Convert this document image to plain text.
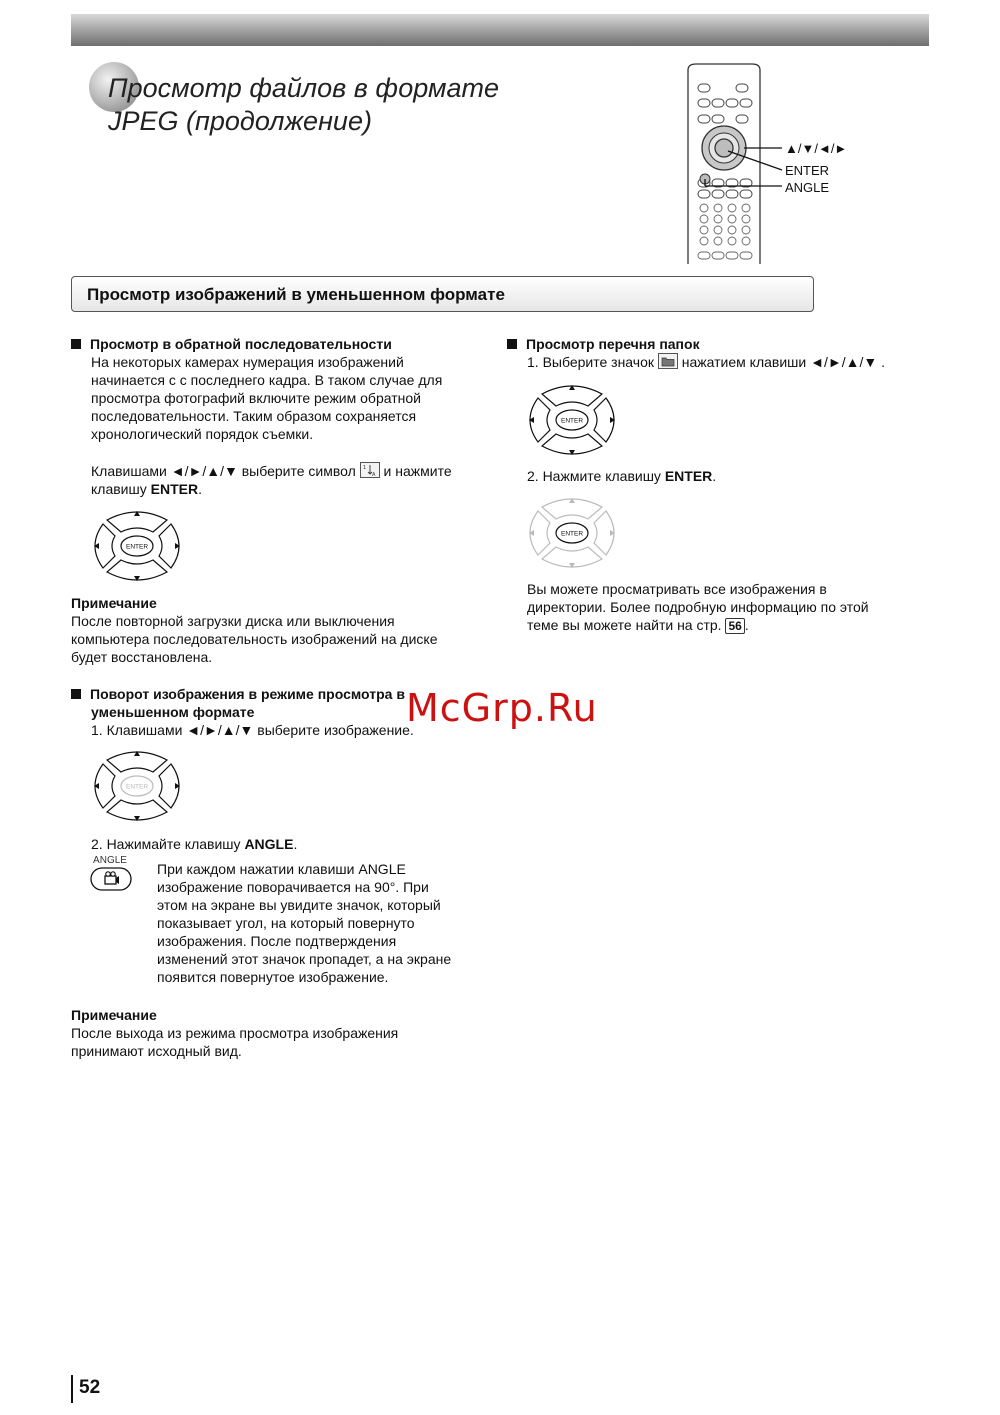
Просмотр файлов в формате
JPEG (продолжение)
▲/▼/◄/►
ENTER
ANGLE
Просмотр изображений в уменьшенном формате
Просмотр в обратной последовательности
На некоторых камерах нумерация изображений
начинается с с последнего кадра. В таком случае для
просмотра фотографий включите режим обратной
последовательности. Таким образом сохраняется
хронологический порядок съемки.
Клавишами ◄/►/▲/▼ выберите символ 1
A и нажмите
клавишу ENTER.
ENTER
Примечание
После повторной загрузки диска или выключения
компьютера последовательность изображений на диске
будет восстановлена.
Поворот изображения в режиме просмотра в
уменьшенном формате
1. Клавишами ◄/►/▲/▼ выберите изображение.
ENTER
2. Нажимайте клавишу ANGLE.
ANGLE
При каждом нажатии клавиши ANGLE
изображение поворачивается на 90°. При
этом на экране вы увидите значок, который
показывает угол, на который повернуто
изображения. После подтверждения
изменений этот значок пропадет, а на экране
появится повернутое изображение.
Примечание
После выхода из режима просмотра изображения
принимают исходный вид.
Просмотр перечня папок
1. Выберите значок нажатием клавиши ◄/►/▲/▼ .
ENTER
2. Нажмите клавишу ENTER.
ENTER
Вы можете просматривать все изображения в
директории. Более подробную информацию по этой
теме вы можете найти на стр. 56 .
McGrp.Ru
52
